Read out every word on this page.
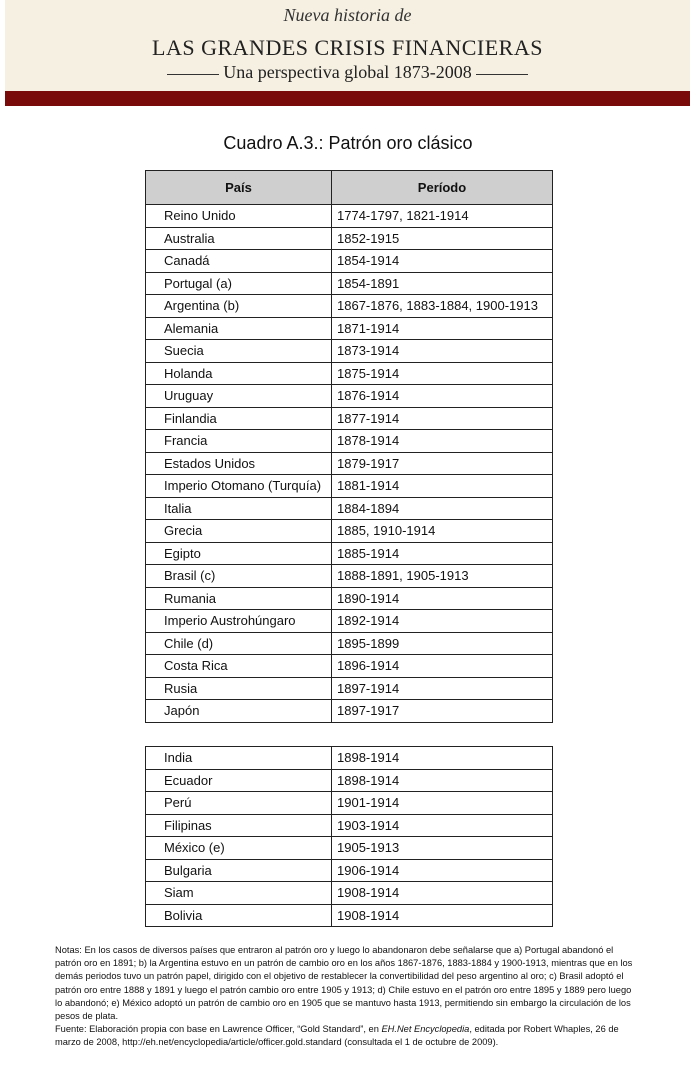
Nueva historia de
LAS GRANDES CRISIS FINANCIERAS
Una perspectiva global 1873-2008
Cuadro A.3.: Patrón oro clásico
País	Período
Reino Unido	1774-1797, 1821-1914
Australia	1852-1915
Canadá	1854-1914
Portugal (a)	1854-1891
Argentina (b)	1867-1876, 1883-1884, 1900-1913
Alemania	1871-1914
Suecia	1873-1914
Holanda	1875-1914
Uruguay	1876-1914
Finlandia	1877-1914
Francia	1878-1914
Estados Unidos	1879-1917
Imperio Otomano (Turquía)	1881-1914
Italia	1884-1894
Grecia	1885, 1910-1914
Egipto	1885-1914
Brasil (c)	1888-1891, 1905-1913
Rumania	1890-1914
Imperio Austrohúngaro	1892-1914
Chile (d)	1895-1899
Costa Rica	1896-1914
Rusia	1897-1914
Japón	1897-1917
India	1898-1914
Ecuador	1898-1914
Perú	1901-1914
Filipinas	1903-1914
México (e)	1905-1913
Bulgaria	1906-1914
Siam	1908-1914
Bolivia	1908-1914

Notas: En los casos de diversos países que entraron al patrón oro y luego lo abandonaron debe señalarse que a) Portugal abandonó el patrón oro en 1891; b) la Argentina estuvo en un patrón de cambio oro en los años 1867-1876, 1883-1884 y 1900-1913, mientras que en los demás periodos tuvo un patrón papel, dirigido con el objetivo de restablecer la convertibilidad del peso argentino al oro; c) Brasil adoptó el patrón oro entre 1888 y 1891 y luego el patrón cambio oro entre 1905 y 1913; d) Chile estuvo en el patrón oro entre 1895 y 1889 pero luego lo abandonó; e) México adoptó un patrón de cambio oro en 1905 que se mantuvo hasta 1913, permitiendo sin embargo la circulación de los pesos de plata.

Fuente: Elaboración propia con base en Lawrence Officer, “Gold Standard”, en EH.Net Encyclopedia, editada por Robert Whaples, 26 de marzo de 2008, http://eh.net/encyclopedia/article/officer.gold.standard (consultada el 1 de octubre de 2009).
